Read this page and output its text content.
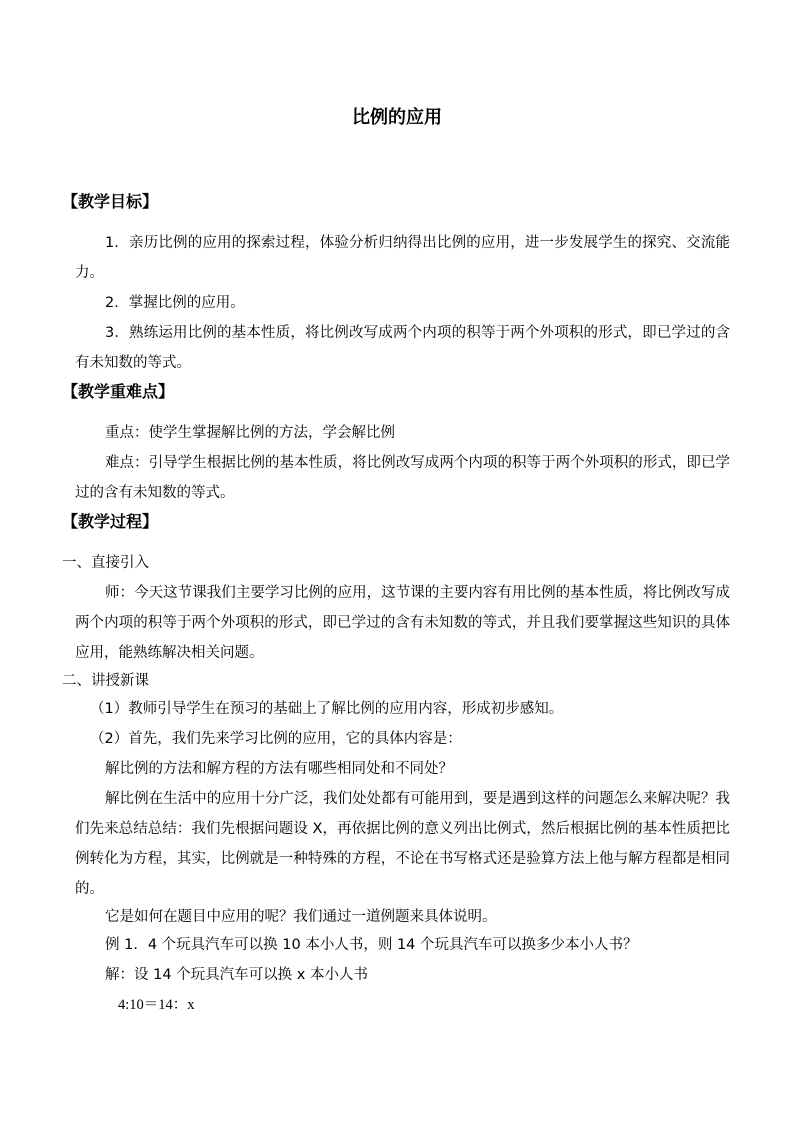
比例的应用
【教学目标】
1．亲历比例的应用的探索过程，体验分析归纳得出比例的应用，进一步发展学生的探究、交流能力。
2．掌握比例的应用。
3．熟练运用比例的基本性质，将比例改写成两个内项的积等于两个外项积的形式，即已学过的含有未知数的等式。
【教学重难点】
重点：使学生掌握解比例的方法，学会解比例
难点：引导学生根据比例的基本性质，将比例改写成两个内项的积等于两个外项积的形式，即已学过的含有未知数的等式。
【教学过程】
一、直接引入
师：今天这节课我们主要学习比例的应用，这节课的主要内容有用比例的基本性质，将比例改写成两个内项的积等于两个外项积的形式，即已学过的含有未知数的等式，并且我们要掌握这些知识的具体应用，能熟练解决相关问题。
二、讲授新课
（1）教师引导学生在预习的基础上了解比例的应用内容，形成初步感知。
（2）首先，我们先来学习比例的应用，它的具体内容是：
解比例的方法和解方程的方法有哪些相同处和不同处？
解比例在生活中的应用十分广泛，我们处处都有可能用到，要是遇到这样的问题怎么来解决呢？我们先来总结总结：我们先根据问题设 X，再依据比例的意义列出比例式，然后根据比例的基本性质把比例转化为方程，其实，比例就是一种特殊的方程，不论在书写格式还是验算方法上他与解方程都是相同的。
它是如何在题目中应用的呢？我们通过一道例题来具体说明。
例 1．4 个玩具汽车可以换 10 本小人书，则 14 个玩具汽车可以换多少本小人书？
解：设 14 个玩具汽车可以换 x 本小人书
4:10＝14：x
